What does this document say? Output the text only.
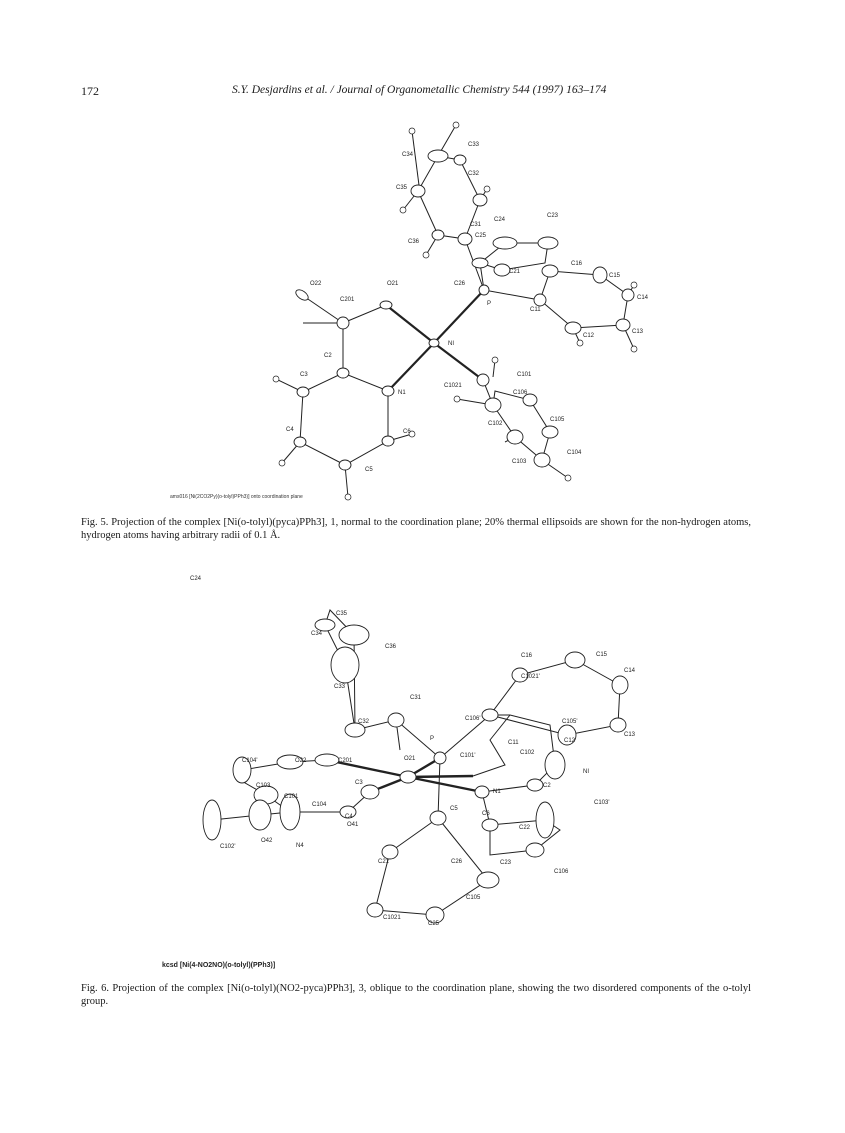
172	S.Y. Desjardins et al. / Journal of Organometallic Chemistry 544 (1997) 163–174
C33
C34
C32
C35
C31
C24
C23
C36
C25
C16
C15
C21
C26
P
C14
O22	O21
C201
C11
C13
C12
NI
C2
C3	C101
N1
C1021
C106
C102
C105
C4	C6
C104
C103
C5
ams016 [Ni(2CO2Py)(o-tolyl)PPh3)] onto coordination plane
Fig. 5. Projection of the complex [Ni(o-tolyl)(pyca)PPh3], 1, normal to the coordination plane; 20% thermal ellipsoids are shown for the non-hydrogen atoms, hydrogen atoms having arbitrary radii of 0.1 Å.
C35
C34
C36
C16	C15
C33
C1021'
C14
C31
C32	C106'	C105'
C11	C12
C13
P
C102
C101'
C104'	O22	C201	O21
NI
C103	C3
N1
C101
C2
C103'
C104
C4	C6
C22
C102'
O42
N4
O41
C5
C21	C26	C23
C106
C105
C1021
C25
C24
kcsd [Ni(4-NO2NO)(o-tolyl)(PPh3)]
Fig. 6. Projection of the complex [Ni(o-tolyl)(NO2-pyca)PPh3], 3, oblique to the coordination plane, showing the two disordered components of the o-tolyl group.
